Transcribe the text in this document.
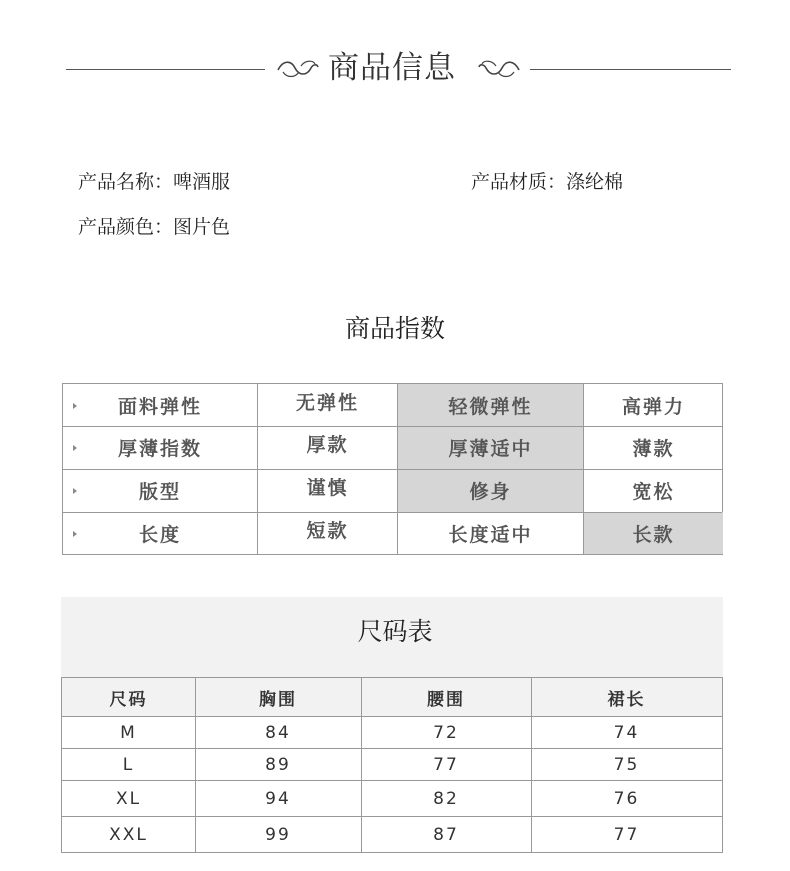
商品信息
产品名称：啤酒服	产品材质：涤纶棉
产品颜色：图片色
商品指数
面料弹性	无弹性	轻微弹性	高弹力
厚薄指数	厚款	厚薄适中	薄款
版型	谨慎	修身	宽松
长度	短款	长度适中	长款
尺码表
尺码	胸围	腰围	裙长
M	84	72	74
L	89	77	75
XL	94	82	76
XXL	99	87	77
